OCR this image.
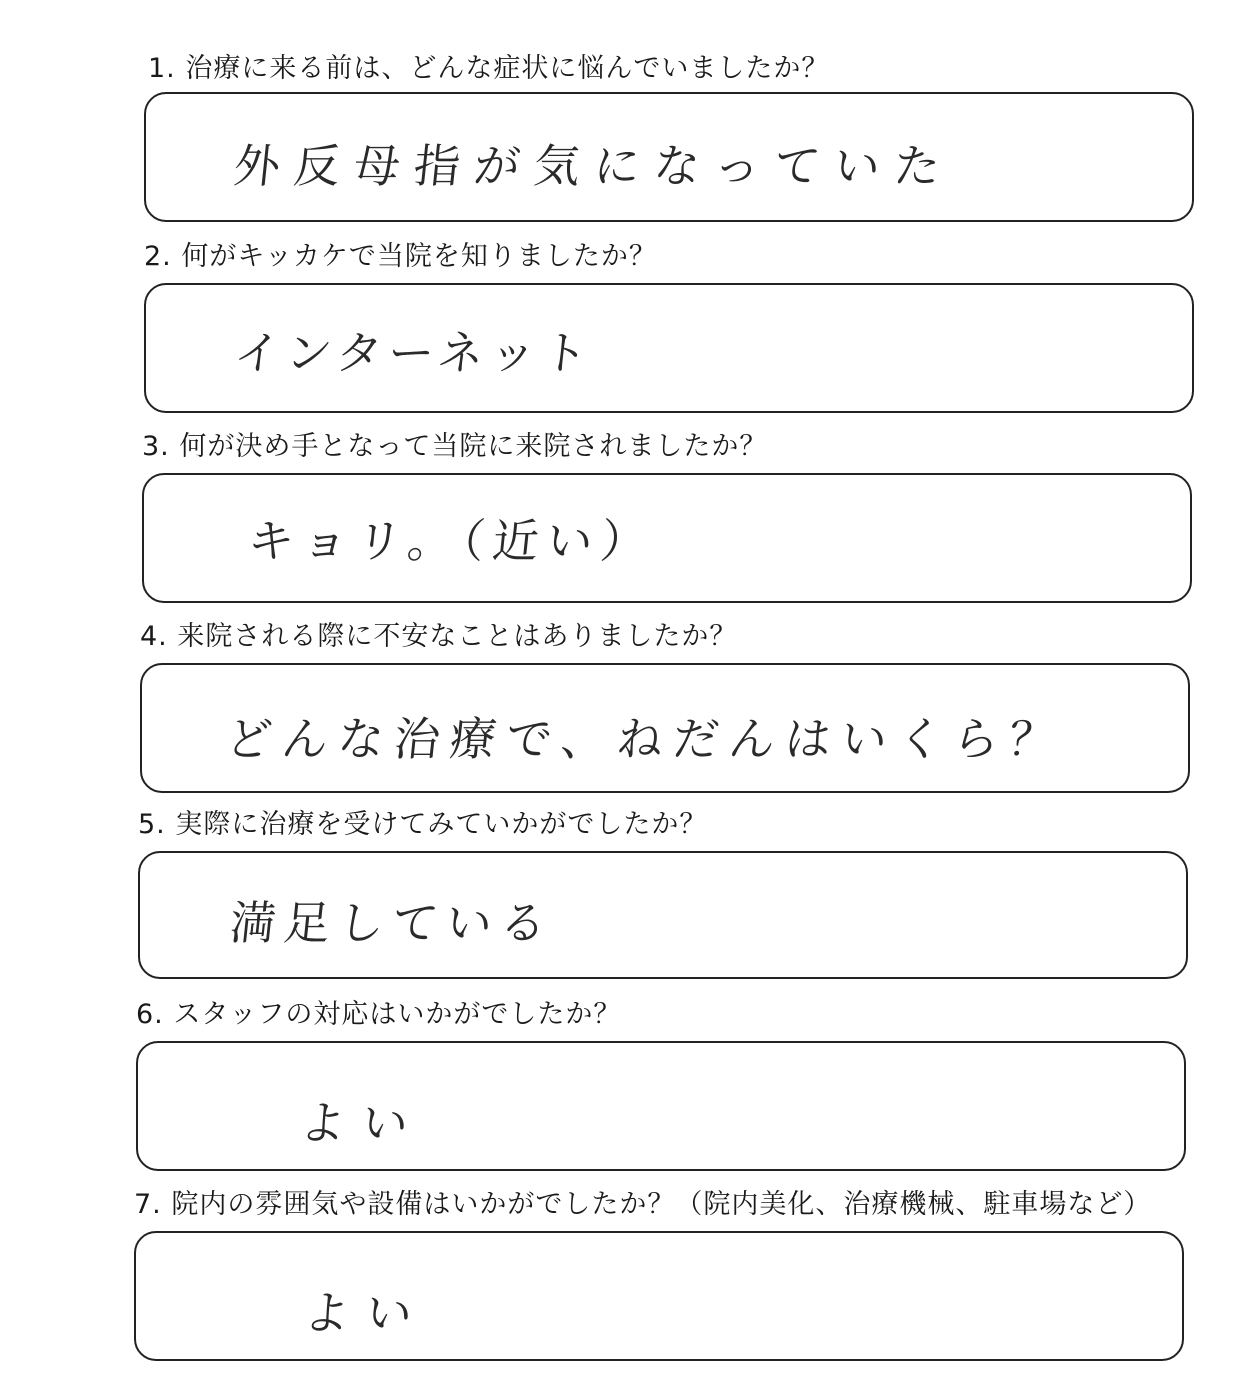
1. 治療に来る前は、どんな症状に悩んでいましたか？
外反母指が気になっていた
2. 何がキッカケで当院を知りましたか？
インターネット
3. 何が決め手となって当院に来院されましたか？
キョリ。（近い）
4. 来院される際に不安なことはありましたか？
どんな治療で、ねだんはいくら？
5. 実際に治療を受けてみていかがでしたか？
満足している
6. スタッフの対応はいかがでしたか？
よい
7. 院内の雰囲気や設備はいかがでしたか？（院内美化、治療機械、駐車場など）
よい
